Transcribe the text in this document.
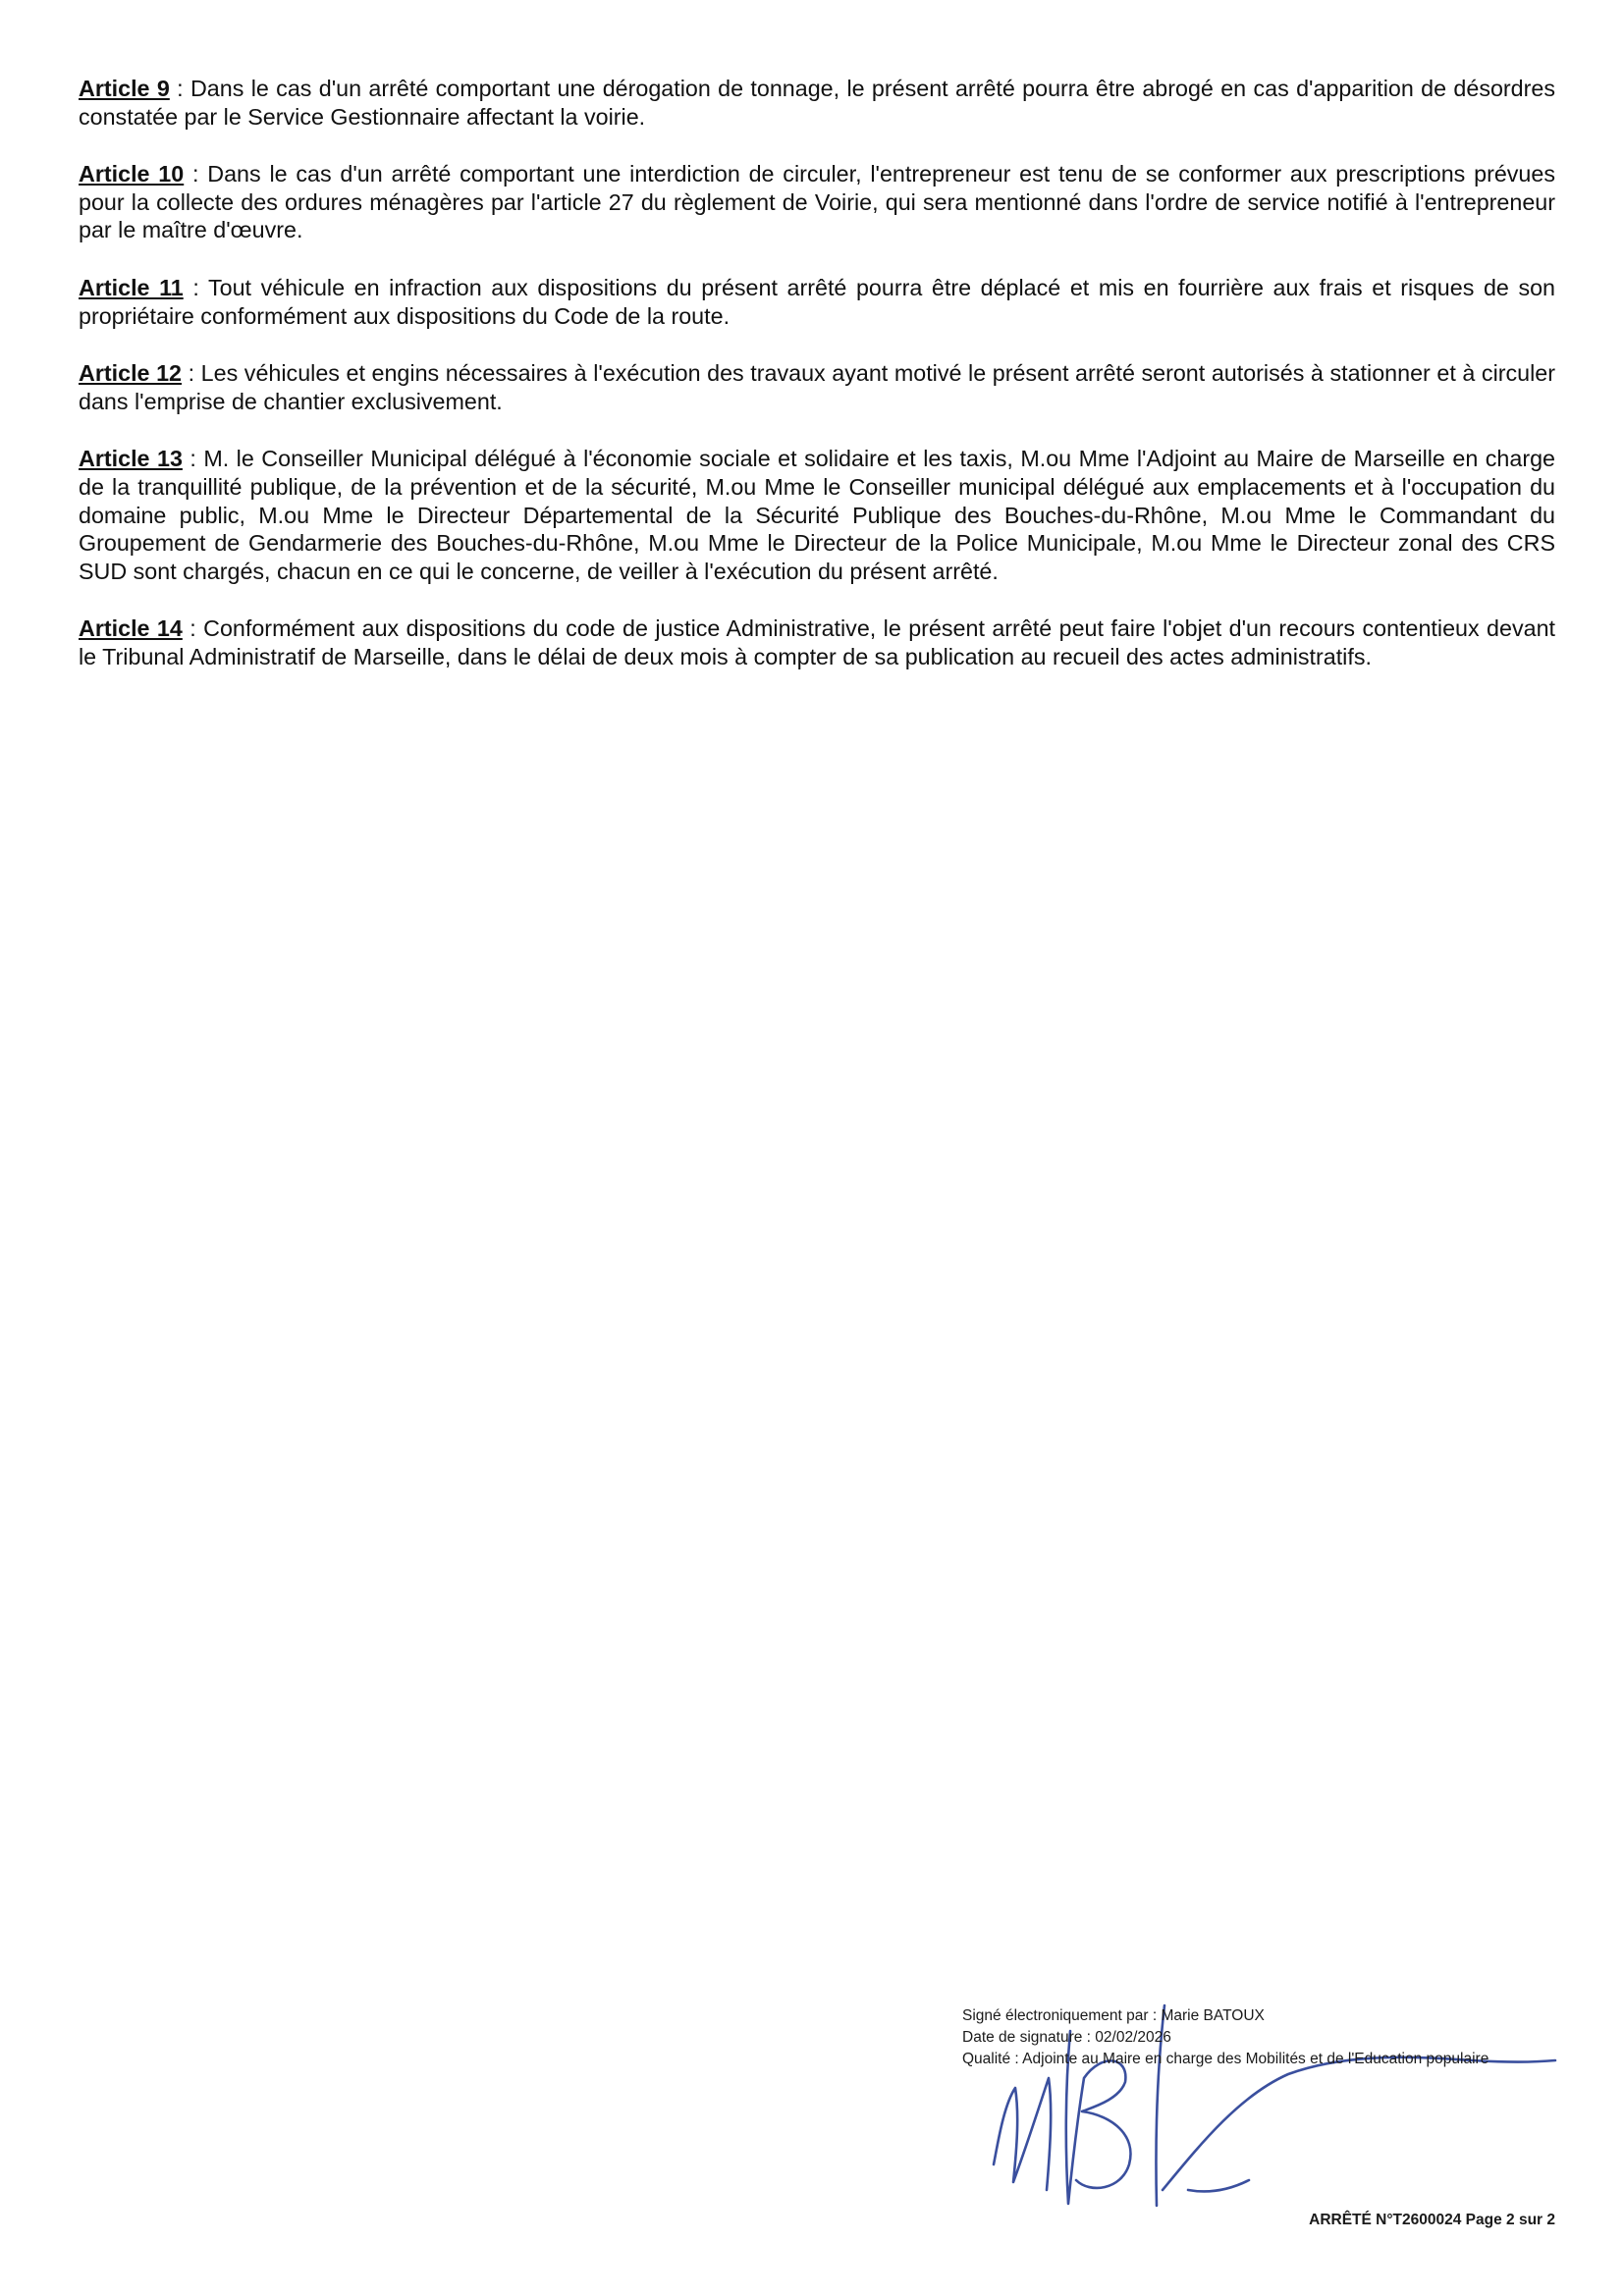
Article 9 : Dans le cas d'un arrêté comportant une dérogation de tonnage, le présent arrêté pourra être abrogé en cas d'apparition de désordres constatée par le Service Gestionnaire affectant la voirie.

Article 10 : Dans le cas d'un arrêté comportant une interdiction de circuler, l'entrepreneur est tenu de se conformer aux prescriptions prévues pour la collecte des ordures ménagères par l'article 27 du règlement de Voirie, qui sera mentionné dans l'ordre de service notifié à l'entrepreneur par le maître d'œuvre.

Article 11 : Tout véhicule en infraction aux dispositions du présent arrêté pourra être déplacé et mis en fourrière aux frais et risques de son propriétaire conformément aux dispositions du Code de la route.

Article 12 : Les véhicules et engins nécessaires à l'exécution des travaux ayant motivé le présent arrêté seront autorisés à stationner et à circuler dans l'emprise de chantier exclusivement.

Article 13 : M. le Conseiller Municipal délégué à l'économie sociale et solidaire et les taxis, M.ou Mme l'Adjoint au Maire de Marseille en charge de la tranquillité publique, de la prévention et de la sécurité, M.ou Mme le Conseiller municipal délégué aux emplacements et à l'occupation du domaine public, M.ou Mme le Directeur Départemental de la Sécurité Publique des Bouches-du-Rhône, M.ou Mme le Commandant du Groupement de Gendarmerie des Bouches-du-Rhône, M.ou Mme le Directeur de la Police Municipale, M.ou Mme le Directeur zonal des CRS SUD sont chargés, chacun en ce qui le concerne, de veiller à l'exécution du présent arrêté.

Article 14 : Conformément aux dispositions du code de justice Administrative, le présent arrêté peut faire l'objet d'un recours contentieux devant le Tribunal Administratif de Marseille, dans le délai de deux mois à compter de sa publication au recueil des actes administratifs.

Signé électroniquement par : Marie BATOUX
Date de signature : 02/02/2026
Qualité : Adjointe au Maire en charge des Mobilités et de l'Education populaire
ARRÊTÉ N°T2600024 Page 2 sur 2
